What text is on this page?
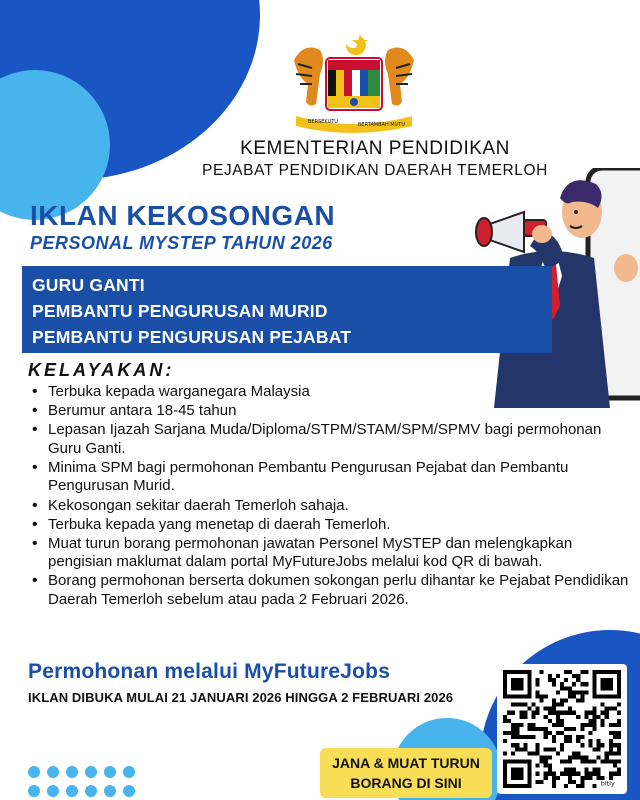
BERSEKUTU	BERTAMBAH MUTU
KEMENTERIAN PENDIDIKAN
PEJABAT PENDIDIKAN DAERAH TEMERLOH
IKLAN KEKOSONGAN
PERSONAL MYSTEP TAHUN 2026
GURU GANTI
PEMBANTU PENGURUSAN MURID
PEMBANTU PENGURUSAN PEJABAT
KELAYAKAN:
• Terbuka kepada warganegara Malaysia
• Berumur antara 18-45 tahun
• Lepasan Ijazah Sarjana Muda/Diploma/STPM/STAM/SPM/SPMV bagi permohonan Guru Ganti.
• Minima SPM bagi permohonan Pembantu Pengurusan Pejabat dan Pembantu Pengurusan Murid.
• Kekosongan sekitar daerah Temerloh sahaja.
• Terbuka kepada yang menetap di daerah Temerloh.
• Muat turun borang permohonan jawatan Personel MySTEP dan melengkapkan pengisian maklumat dalam portal MyFutureJobs melalui kod QR di bawah.
• Borang permohonan berserta dokumen sokongan perlu dihantar ke Pejabat Pendidikan Daerah Temerloh sebelum atau pada 2 Februari 2026.
Permohonan melalui MyFutureJobs
IKLAN DIBUKA MULAI 21 JANUARI 2026 HINGGA 2 FEBRUARI 2026
bitly
JANA & MUAT TURUN
BORANG DI SINI
